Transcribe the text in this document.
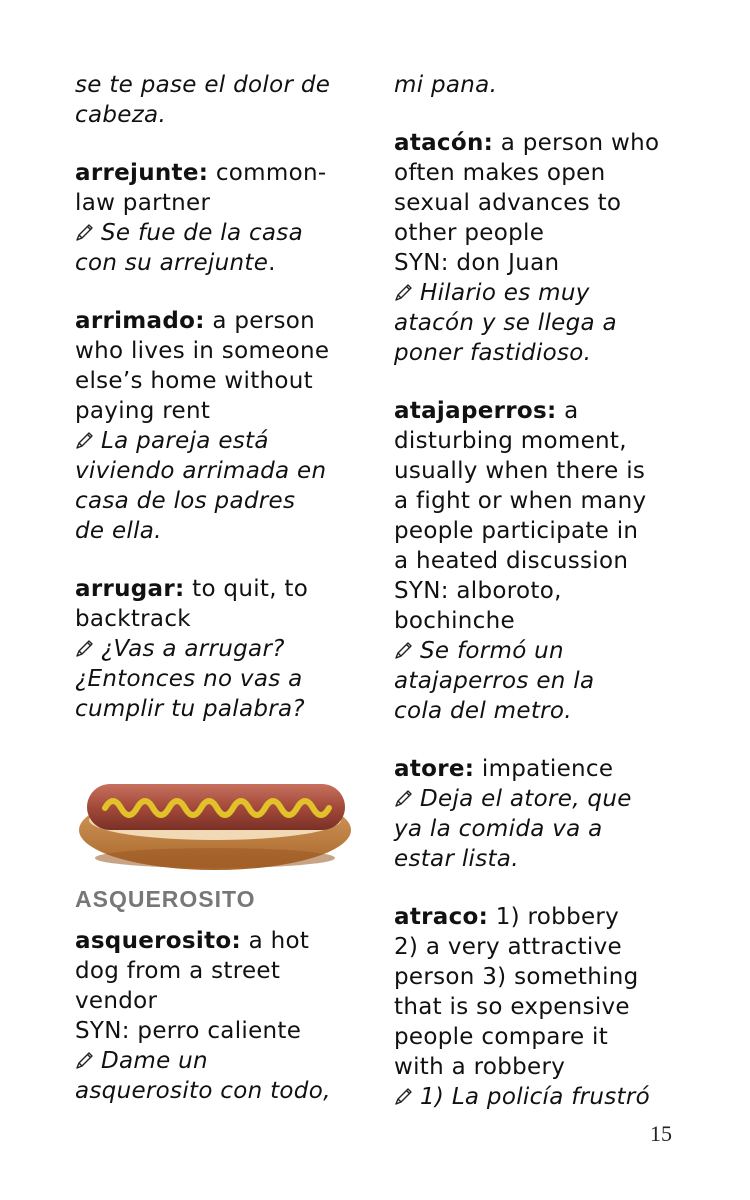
se te pase el dolor de
cabeza.
arrejunte: common-
law partner
Se fue de la casa
con su arrejunte.
arrimado: a person
who lives in someone
else’s home without
paying rent
La pareja está
viviendo arrimada en
casa de los padres
de ella.
arrugar: to quit, to
backtrack
¿Vas a arrugar?
¿Entonces no vas a
cumplir tu palabra?
ASQUEROSITO
asquerosito: a hot
dog from a street
vendor
SYN: perro caliente
Dame un
asquerosito con todo,
mi pana.
atacón: a person who
often makes open
sexual advances to
other people
SYN: don Juan
Hilario es muy
atacón y se llega a
poner fastidioso.
atajaperros: a
disturbing moment,
usually when there is
a fight or when many
people participate in
a heated discussion
SYN: alboroto,
bochinche
Se formó un
atajaperros en la
cola del metro.
atore: impatience
Deja el atore, que
ya la comida va a
estar lista.
atraco: 1) robbery
2) a very attractive
person 3) something
that is so expensive
people compare it
with a robbery
1) La policía frustró
15
